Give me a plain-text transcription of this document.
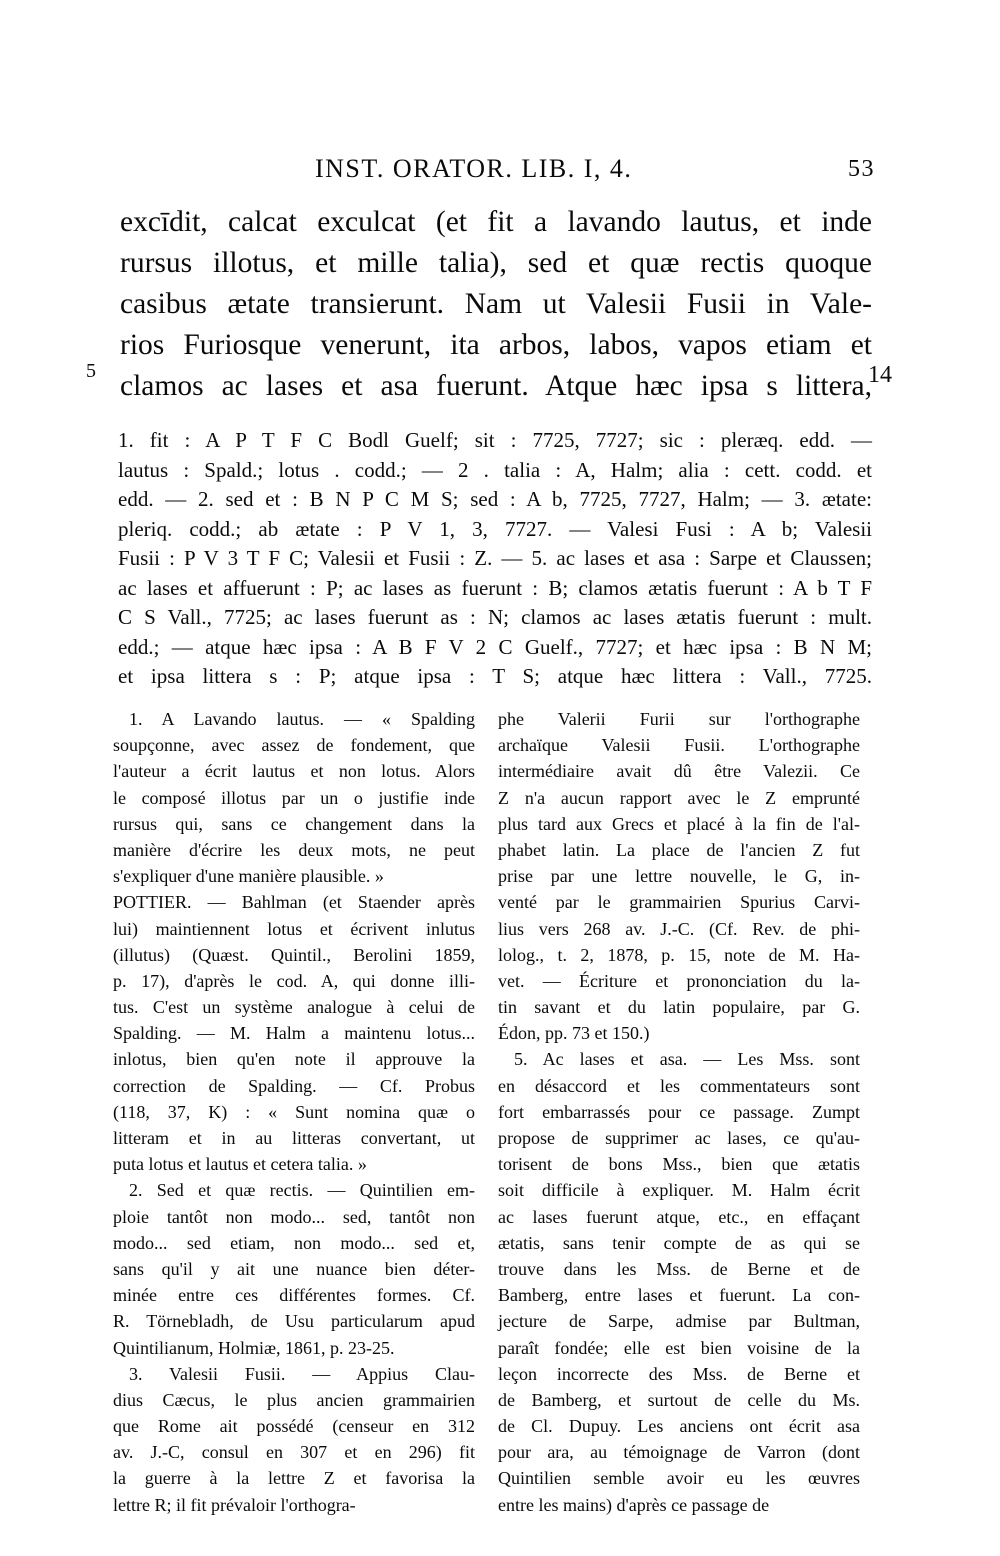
INST. ORATOR. LIB. I, 4.	53
5	14
excīdit, calcat exculcat (et fit a lavando lautus, et inde
rursus illotus, et mille talia), sed et quæ rectis quoque
casibus ætate transierunt. Nam ut Valesii Fusii in Vale-
rios Furiosque venerunt, ita arbos, labos, vapos etiam et
clamos ac lases et asa fuerunt. Atque hæc ipsa s littera,
1. fit : A P T F C Bodl Guelf; sit : 7725, 7727; sic : pleræq. edd. —
lautus : Spald.; lotus . codd.; — 2 . talia : A, Halm; alia : cett. codd. et
edd. — 2. sed et : B N P C M S; sed : A b, 7725, 7727, Halm; — 3. ætate:
pleriq. codd.; ab ætate : P V 1, 3, 7727. — Valesi Fusi : A b; Valesii
Fusii : P V 3 T F C; Valesii et Fusii : Z. — 5. ac lases et asa : Sarpe et Claussen;
ac lases et affuerunt : P; ac lases as fuerunt : B; clamos ætatis fuerunt : A b T F
C S Vall., 7725; ac lases fuerunt as : N; clamos ac lases ætatis fuerunt : mult.
edd.; — atque hæc ipsa : A B F V 2 C Guelf., 7727; et hæc ipsa : B N M;
et ipsa littera s : P; atque ipsa : T S; atque hæc littera : Vall., 7725.
1. A Lavando lautus. — « Spalding
soupçonne, avec assez de fondement, que
l'auteur a écrit lautus et non lotus. Alors
le composé illotus par un o justifie inde
rursus qui, sans ce changement dans la
manière d'écrire les deux mots, ne peut
s'expliquer d'une manière plausible. »
POTTIER. — Bahlman (et Staender après
lui) maintiennent lotus et écrivent inlutus
(illutus) (Quæst. Quintil., Berolini 1859,
p. 17), d'après le cod. A, qui donne illi-
tus. C'est un système analogue à celui de
Spalding. — M. Halm a maintenu lotus...
inlotus, bien qu'en note il approuve la
correction de Spalding. — Cf. Probus
(118, 37, K) : « Sunt nomina quæ o
litteram et in au litteras convertant, ut
puta lotus et lautus et cetera talia. »
2. Sed et quæ rectis. — Quintilien em-
ploie tantôt non modo... sed, tantôt non
modo... sed etiam, non modo... sed et,
sans qu'il y ait une nuance bien déter-
minée entre ces différentes formes. Cf.
R. Törnebladh, de Usu particularum apud
Quintilianum, Holmiæ, 1861, p. 23-25.
3. Valesii Fusii. — Appius Clau-
dius Cæcus, le plus ancien grammairien
que Rome ait possédé (censeur en 312
av. J.-C, consul en 307 et en 296) fit
la guerre à la lettre Z et favorisa la
lettre R; il fit prévaloir l'orthogra-
phe Valerii Furii sur l'orthographe
archaïque Valesii Fusii. L'orthographe
intermédiaire avait dû être Valezii. Ce
Z n'a aucun rapport avec le Z emprunté
plus tard aux Grecs et placé à la fin de l'al-
phabet latin. La place de l'ancien Z fut
prise par une lettre nouvelle, le G, in-
venté par le grammairien Spurius Carvi-
lius vers 268 av. J.-C. (Cf. Rev. de phi-
lolog., t. 2, 1878, p. 15, note de M. Ha-
vet. — Écriture et prononciation du la-
tin savant et du latin populaire, par G.
Édon, pp. 73 et 150.)
5. Ac lases et asa. — Les Mss. sont
en désaccord et les commentateurs sont
fort embarrassés pour ce passage. Zumpt
propose de supprimer ac lases, ce qu'au-
torisent de bons Mss., bien que ætatis
soit difficile à expliquer. M. Halm écrit
ac lases fuerunt atque, etc., en effaçant
ætatis, sans tenir compte de as qui se
trouve dans les Mss. de Berne et de
Bamberg, entre lases et fuerunt. La con-
jecture de Sarpe, admise par Bultman,
paraît fondée; elle est bien voisine de la
leçon incorrecte des Mss. de Berne et
de Bamberg, et surtout de celle du Ms.
de Cl. Dupuy. Les anciens ont écrit asa
pour ara, au témoignage de Varron (dont
Quintilien semble avoir eu les œuvres
entre les mains) d'après ce passage de
